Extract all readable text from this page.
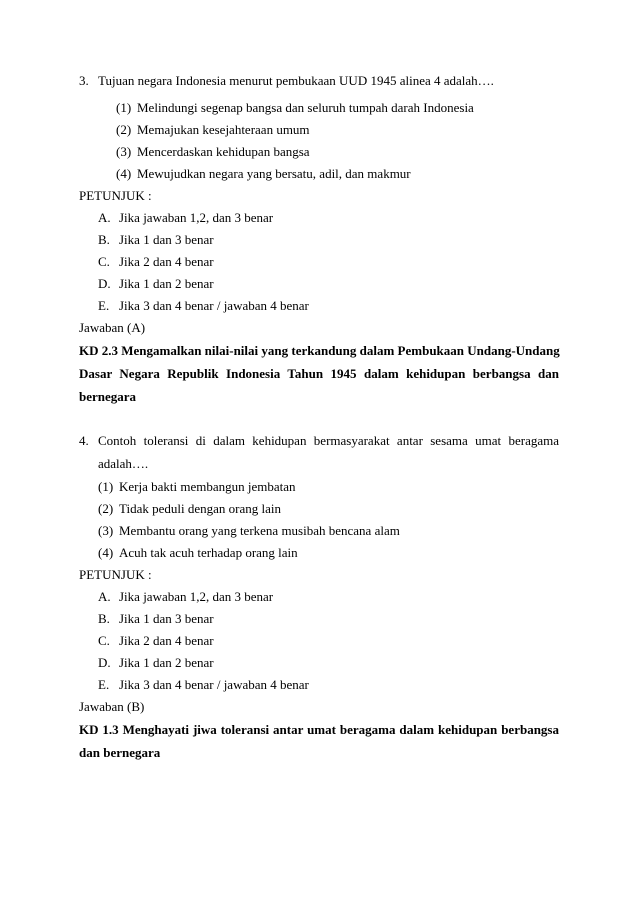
3. Tujuan negara Indonesia menurut pembukaan UUD 1945 alinea 4 adalah….
(1) Melindungi segenap bangsa dan seluruh tumpah darah Indonesia
(2) Memajukan kesejahteraan umum
(3) Mencerdaskan kehidupan bangsa
(4) Mewujudkan negara yang bersatu, adil, dan makmur
PETUNJUK :
A. Jika jawaban 1,2, dan 3 benar
B. Jika 1 dan 3 benar
C. Jika 2 dan 4 benar
D. Jika 1 dan 2 benar
E. Jika 3 dan 4 benar / jawaban 4 benar
Jawaban (A)
KD 2.3 Mengamalkan nilai-nilai yang terkandung dalam Pembukaan Undang-Undang
Dasar Negara Republik Indonesia Tahun 1945 dalam kehidupan berbangsa dan
bernegara
4. Contoh toleransi di dalam kehidupan bermasyarakat antar sesama umat beragama
adalah….
(1) Kerja bakti membangun jembatan
(2) Tidak peduli dengan orang lain
(3) Membantu orang yang terkena musibah bencana alam
(4) Acuh tak acuh terhadap orang lain
PETUNJUK :
A. Jika jawaban 1,2, dan 3 benar
B. Jika 1 dan 3 benar
C. Jika 2 dan 4 benar
D. Jika 1 dan 2 benar
E. Jika 3 dan 4 benar / jawaban 4 benar
Jawaban (B)
KD 1.3 Menghayati jiwa toleransi antar umat beragama dalam kehidupan berbangsa
dan bernegara
